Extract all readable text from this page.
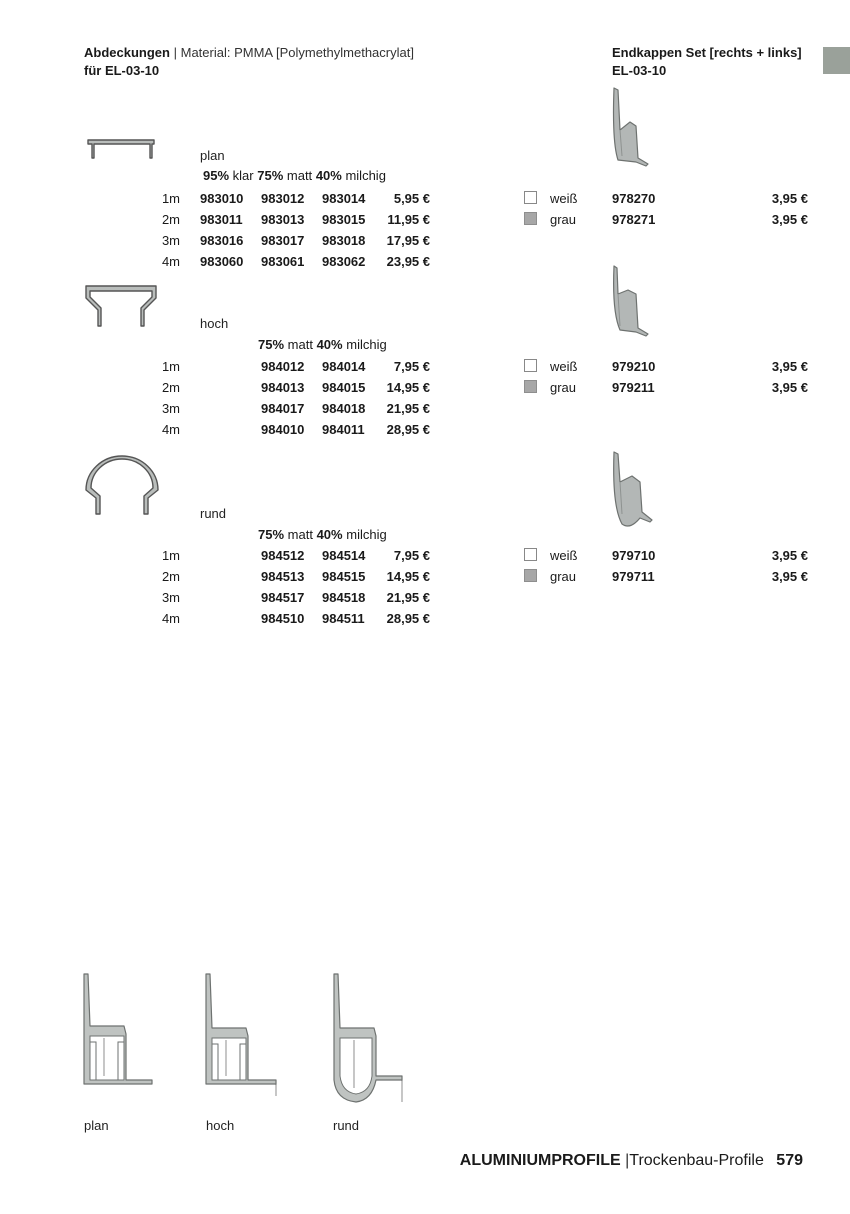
Abdeckungen | Material: PMMA [Polymethylmethacrylat]
für EL-03-10
Endkappen Set [rechts + links]
EL-03-10
plan
95% klar 75% matt 40% milchig
1m 983010 983012 983014	5,95 €
2m 983011 983013 983015	11,95 €
3m 983016 983017 983018	17,95 €
4m 983060 983061 983062	23,95 €
hoch
75% matt 40% milchig
1m	984012 984014	7,95 €
2m	984013 984015	14,95 €
3m	984017 984018	21,95 €
4m	984010 984011	28,95 €
rund
75% matt 40% milchig
1m	984512 984514	7,95 €
2m	984513 984515	14,95 €
3m	984517 984518	21,95 €
4m	984510 984511	28,95 €
weiß	978270	3,95 €
grau	978271	3,95 €
weiß	979210	3,95 €
grau	979211	3,95 €
weiß	979710	3,95 €
grau	979711	3,95 €
plan	hoch	rund
ALUMINIUMPROFILE |Trockenbau-Profile 579
